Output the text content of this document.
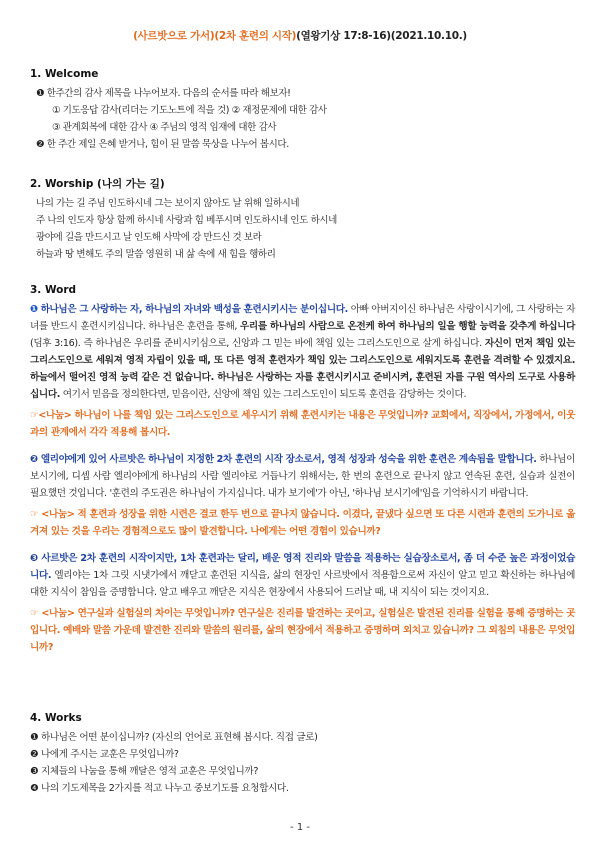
(사르밧으로 가서)(2차 훈련의 시작)(열왕기상 17:8-16)(2021.10.10.)
1. Welcome
❶ 한주간의 감사 제목을 나누어보자. 다음의 순서를 따라 해보자!
① 기도응답 감사(리더는 기도노트에 적을 것) ② 재정문제에 대한 감사
③ 관계회복에 대한 감사 ④ 주님의 영적 임재에 대한 감사
❷ 한 주간 제일 은혜 받거나, 힘이 된 말씀 묵상을 나누어 봅시다.
2. Worship (나의 가는 길)
나의 가는 길 주님 인도하시네 그는 보이지 않아도 날 위해 일하시네
주 나의 인도자 항상 함께 하시네 사랑과 힘 베푸시며 인도하시네 인도 하시네
광야에 길을 만드시고 날 인도해 사막에 강 만드신 것 보라
하늘과 땅 변해도 주의 말씀 영원히 내 삶 속에 새 힘을 행하리
3. Word

❶ 하나님은 그 사랑하는 자, 하나님의 자녀와 백성을 훈련시키시는 분이십니다. 아빠 아버지이신 하나님은 사랑이시기에, 그 사랑하는 자녀를 반드시 훈련시키십니다. 하나님은 훈련을 통해, 우리를 하나님의 사람으로 온전케 하여 하나님의 일을 행할 능력을 갖추게 하십니다(딤후 3:16). 즉 하나님은 우리를 준비시키심으로, 신앙과 그 믿는 바에 책임 있는 그리스도인으로 살게 하십니다. 자신이 먼저 책임 있는 그리스도인으로 세워져 영적 자립이 있을 때, 또 다른 영적 훈련자가 책임 있는 그리스도인으로 세워지도록 훈련을 격려할 수 있겠지요. 하늘에서 떨어진 영적 능력 같은 건 없습니다. 하나님은 사랑하는 자를 훈련시키시고 준비시켜, 훈련된 자를 구원 역사의 도구로 사용하십니다. 여기서 믿음을 정의한다면, 믿음이란, 신앙에 책임 있는 그리스도인이 되도록 훈련을 감당하는 것이다.

☞<나눔> 하나님이 나를 책임 있는 그리스도인으로 세우시기 위해 훈련시키는 내용은 무엇입니까? 교회에서, 직장에서, 가정에서, 이웃과의 관계에서 각각 적용해 봅시다.

❷ 엘리야에게 있어 사르밧은 하나님이 지정한 2차 훈련의 시작 장소로서, 영적 성장과 성숙을 위한 훈련은 계속됨을 말합니다. 하나님이 보시기에, 디셉 사람 엘리야에게 하나님의 사람 엘리야로 거듭나기 위해서는, 한 번의 훈련으로 끝나지 않고 연속된 훈련, 실습과 실전이 필요했던 것입니다. '훈련의 주도권은 하나님이 가지십니다. 내가 보기에'가 아닌, '하나님 보시기에'임을 기억하시기 바랍니다.

☞ <나눔> 적 훈련과 성장을 위한 시련은 결코 한두 번으로 끝나지 않습니다. 이겼다, 끝냈다 싶으면 또 다른 시련과 훈련의 도가니로 옮겨져 있는 것을 우리는 경험적으로도 많이 발견합니다. 나에게는 어떤 경험이 있습니까?

❸ 사르밧은 2차 훈련의 시작이지만, 1차 훈련과는 달리, 배운 영적 진리와 말씀을 적용하는 실습장소로서, 좀 더 수준 높은 과정이었습니다. 엘리야는 1차 그릿 시냇가에서 깨닫고 훈련된 지식을, 삶의 현장인 사르밧에서 적용함으로써 자신이 알고 믿고 확신하는 하나님에 대한 지식이 참임을 증명합니다. 알고 배우고 깨닫은 지식은 현장에서 사용되어 드러날 때, 내 지식이 되는 것이지요.

☞ <나눔> 연구실과 실험실의 차이는 무엇입니까? 연구실은 진리를 발견하는 곳이고, 실험실은 발견된 진리를 실험을 통해 증명하는 곳입니다. 예배와 말씀 가운데 발견한 진리와 말씀의 원리를, 삶의 현장에서 적용하고 증명하며 외치고 있습니까? 그 외침의 내용은 무엇입니까?

4. Works

❶ 하나님은 어떤 분이십니까? (자신의 언어로 표현해 봅시다. 직접 글로)

❷ 나에게 주시는 교훈은 무엇입니까?

❸ 지체들의 나눔을 통해 깨달은 영적 교훈은 무엇입니까?

❹ 나의 기도제목을 2가지를 적고 나누고 중보기도를 요청합시다.

- 1 -
